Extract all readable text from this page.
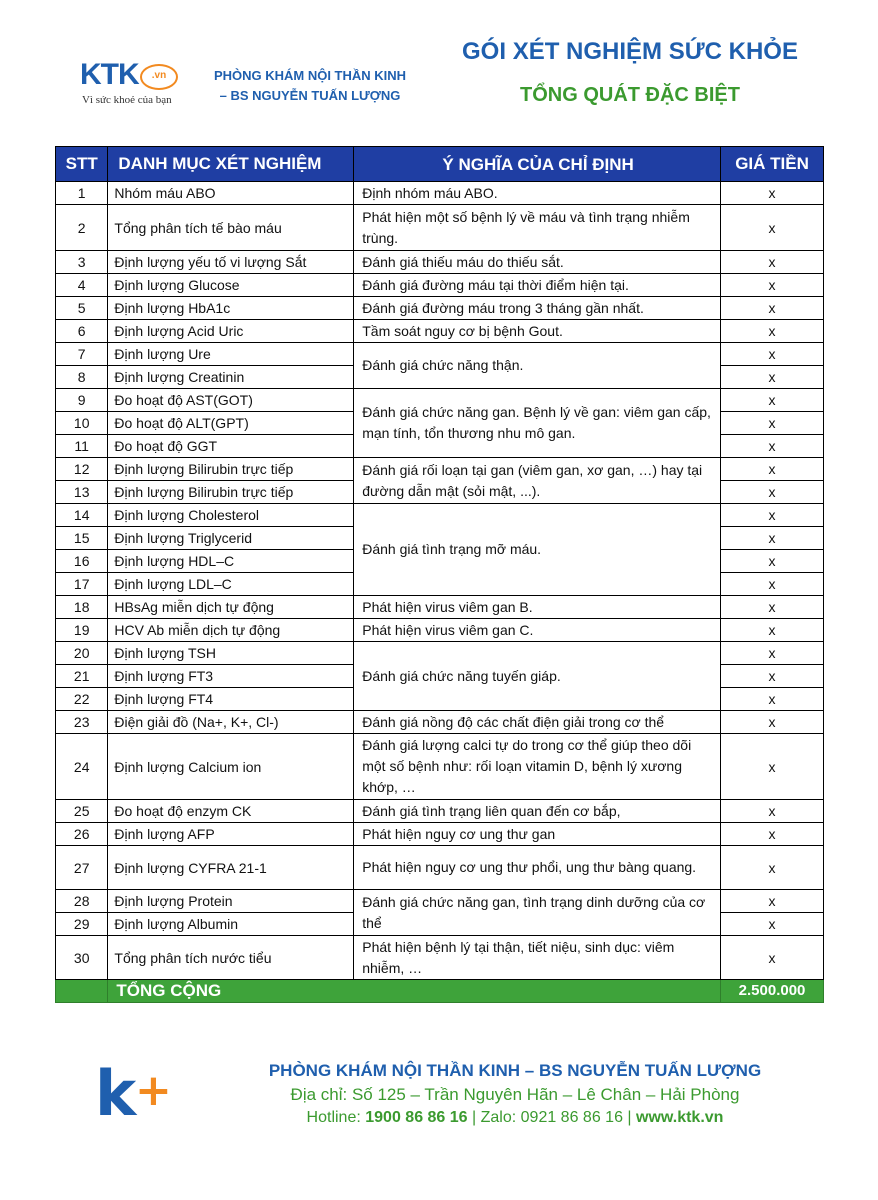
KTK	.vn
Vì sức khoẻ của bạn
PHÒNG KHÁM NỘI THẦN KINH
– BS NGUYỄN TUẤN LƯỢNG
GÓI XÉT NGHIỆM SỨC KHỎE
TỔNG QUÁT ĐẶC BIỆT
STT	DANH MỤC XÉT NGHIỆM	Ý NGHĨA CỦA CHỈ ĐỊNH	GIÁ TIỀN
1	Nhóm máu ABO	Định nhóm máu ABO.	x
2	Tổng phân tích tế bào máu	Phát hiện một số bệnh lý về máu và tình trạng nhiễm trùng.	x
3	Định lượng yếu tố vi lượng Sắt	Đánh giá thiếu máu do thiếu sắt.	x
4	Định lượng Glucose	Đánh giá đường máu tại thời điểm hiện tại.	x
5	Định lượng HbA1c	Đánh giá đường máu trong 3 tháng gần nhất.	x
6	Định lượng Acid Uric	Tầm soát nguy cơ bị bệnh Gout.	x
7	Định lượng Ure	Đánh giá chức năng thận.	x
8	Định lượng Creatinin		x
9	Đo hoạt độ AST(GOT)	Đánh giá chức năng gan. Bệnh lý về gan: viêm gan cấp, mạn tính, tổn thương nhu mô gan.	x
10	Đo hoạt độ ALT(GPT)		x
11	Đo hoạt độ GGT		x
12	Định lượng Bilirubin trực tiếp	Đánh giá rối loạn tại gan (viêm gan, xơ gan, …) hay tại đường dẫn mật (sỏi mật, ...).	x
13	Định lượng Bilirubin trực tiếp		x
14	Định lượng Cholesterol	Đánh giá tình trạng mỡ máu.	x
15	Định lượng Triglycerid		x
16	Định lượng HDL–C		x
17	Định lượng LDL–C		x
18	HBsAg miễn dịch tự động	Phát hiện virus viêm gan B.	x
19	HCV Ab miễn dịch tự động	Phát hiện virus viêm gan C.	x
20	Định lượng TSH	Đánh giá chức năng tuyến giáp.	x
21	Định lượng FT3		x
22	Định lượng FT4		x
23	Điện giải đồ (Na+, K+, Cl-)	Đánh giá nồng độ các chất điện giải trong cơ thể	x
24	Định lượng Calcium ion	Đánh giá lượng calci tự do trong cơ thể giúp theo dõi một số bệnh như: rối loạn vitamin D, bệnh lý xương khớp, …	x
25	Đo hoạt độ enzym CK	Đánh giá tình trạng liên quan đến cơ bắp,	x
26	Định lượng AFP	Phát hiện nguy cơ ung thư gan	x
27	Định lượng CYFRA 21-1	Phát hiện nguy cơ ung thư phổi, ung thư bàng quang.	x
28	Định lượng Protein	Đánh giá chức năng gan, tình trạng dinh dưỡng của cơ thể	x
29	Định lượng Albumin		x
30	Tổng phân tích nước tiểu	Phát hiện bệnh lý tại thận, tiết niệu, sinh dục: viêm nhiễm, …	x
	TỔNG CỘNG		2.500.000
k
+	PHÒNG KHÁM NỘI THẦN KINH – BS NGUYỄN TUẤN LƯỢNG
Địa chỉ: Số 125 – Trần Nguyên Hãn – Lê Chân – Hải Phòng
Hotline: 1900 86 86 16 | Zalo: 0921 86 86 16 | www.ktk.vn
